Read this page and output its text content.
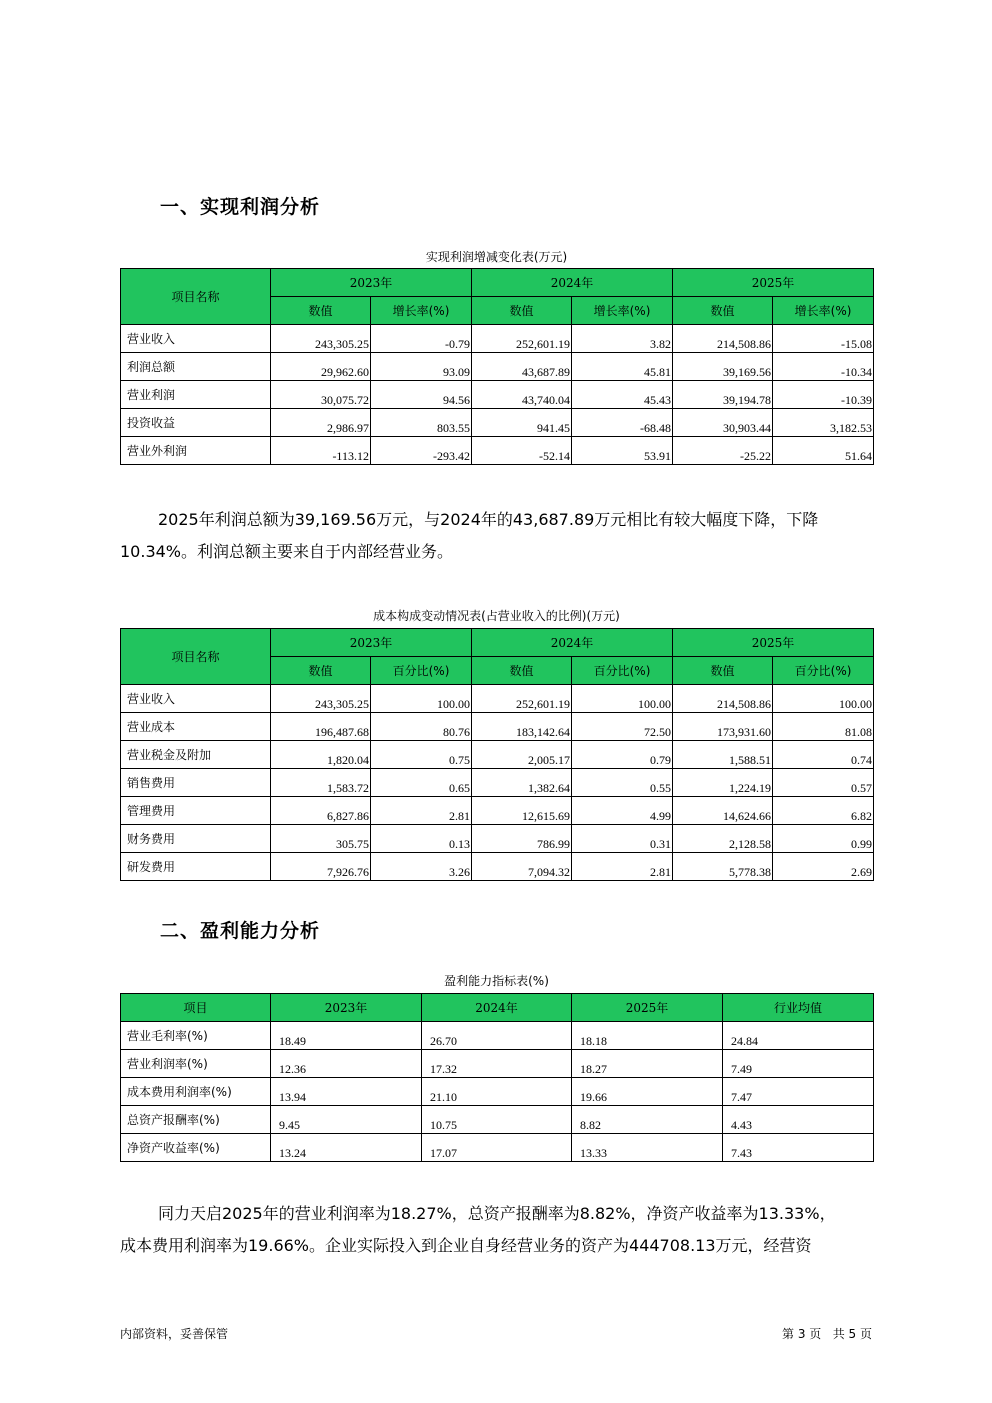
一、实现利润分析
实现利润增减变化表(万元)
项目名称	2023年		2024年		2025年	
	数值	增长率(%)	数值	增长率(%)	数值	增长率(%)
营业收入	243,305.25	-0.79	252,601.19	3.82	214,508.86	-15.08
利润总额	29,962.60	93.09	43,687.89	45.81	39,169.56	-10.34
营业利润	30,075.72	94.56	43,740.04	45.43	39,194.78	-10.39
投资收益	2,986.97	803.55	941.45	-68.48	30,903.44	3,182.53
营业外利润	-113.12	-293.42	-52.14	53.91	-25.22	51.64
2025年利润总额为39,169.56万元，与2024年的43,687.89万元相比有较大幅度下降，下降
10.34%。利润总额主要来自于内部经营业务。
成本构成变动情况表(占营业收入的比例)(万元)
项目名称	2023年		2024年		2025年	
	数值	百分比(%)	数值	百分比(%)	数值	百分比(%)
营业收入	243,305.25	100.00	252,601.19	100.00	214,508.86	100.00
营业成本	196,487.68	80.76	183,142.64	72.50	173,931.60	81.08
营业税金及附加	1,820.04	0.75	2,005.17	0.79	1,588.51	0.74
销售费用	1,583.72	0.65	1,382.64	0.55	1,224.19	0.57
管理费用	6,827.86	2.81	12,615.69	4.99	14,624.66	6.82
财务费用	305.75	0.13	786.99	0.31	2,128.58	0.99
研发费用	7,926.76	3.26	7,094.32	2.81	5,778.38	2.69
二、盈利能力分析
盈利能力指标表(%)
项目	2023年	2024年	2025年	行业均值
营业毛利率(%)	18.49	26.70	18.18	24.84
营业利润率(%)	12.36	17.32	18.27	7.49
成本费用利润率(%)	13.94	21.10	19.66	7.47
总资产报酬率(%)	9.45	10.75	8.82	4.43
净资产收益率(%)	13.24	17.07	13.33	7.43
同力天启2025年的营业利润率为18.27%，总资产报酬率为8.82%，净资产收益率为13.33%，
成本费用利润率为19.66%。企业实际投入到企业自身经营业务的资产为444708.13万元，经营资
内部资料，妥善保管	第 3 页   共 5 页
